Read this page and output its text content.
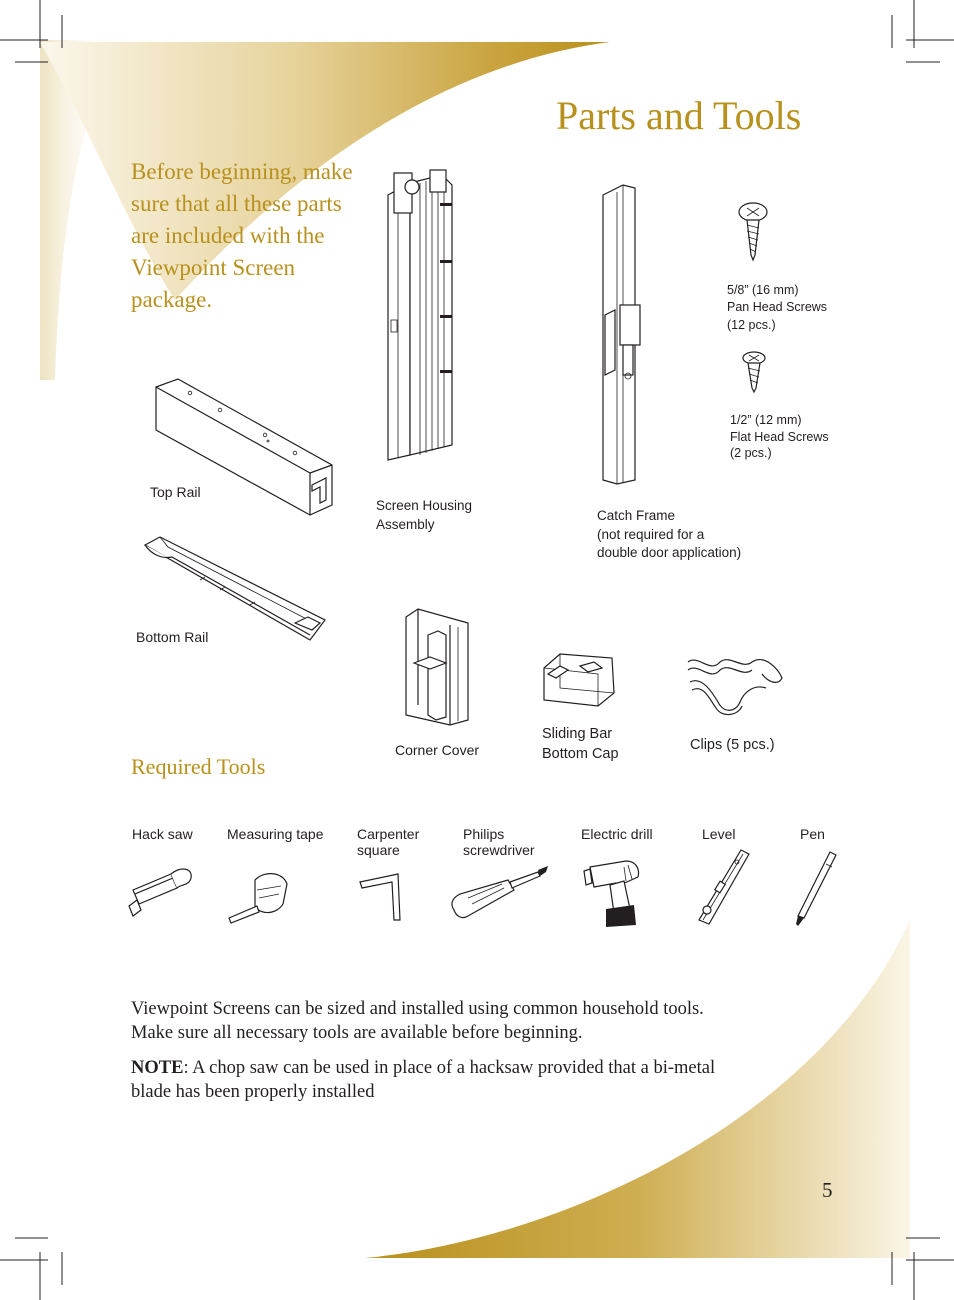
Parts and Tools
Before beginning, make sure that all these parts are included with the Viewpoint Screen package.
Screen Housing
Assembly
Catch Frame
(not required for a
double door application)
5/8” (16 mm)
Pan Head Screws
(12 pcs.)
1/2” (12 mm)
Flat Head Screws
(2 pcs.)
Top Rail
Bottom Rail
Corner Cover
Sliding Bar
Bottom Cap
Clips (5 pcs.)
Required Tools
Hack saw Measuring tape Carpenter
square
Philips
screwdriver
Electric drill	Level	Pen
Viewpoint Screens can be sized and installed using common household tools. Make sure all necessary tools are available before beginning.
NOTE: A chop saw can be used in place of a hacksaw provided that a bi-metal blade has been properly installed
5
